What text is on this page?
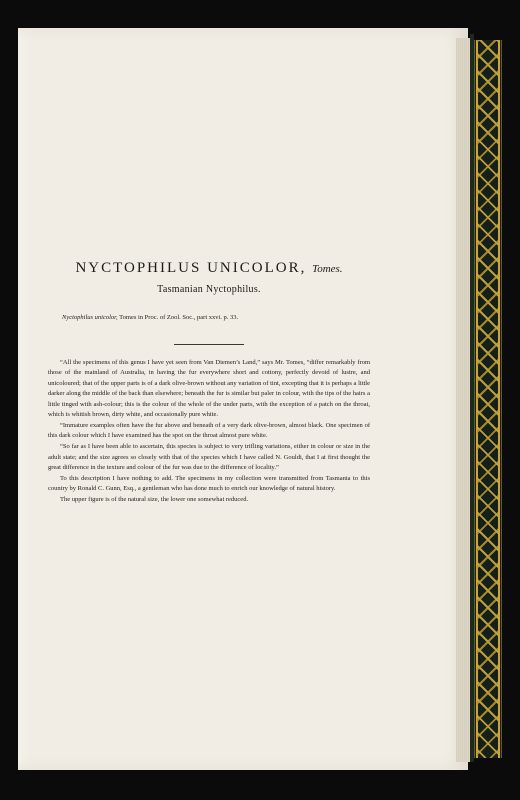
NYCTOPHILUS UNICOLOR, Tomes.
Tasmanian Nyctophilus.
Nyctophilus unicolor, Tomes in Proc. of Zool. Soc., part xxvi. p. 33.

“All the specimens of this genus I have yet seen from Van Diemen’s Land,” says Mr. Tomes, “differ remarkably from those of the mainland of Australia, in having the fur everywhere short and cottony, perfectly devoid of lustre, and unicoloured; that of the upper parts is of a dark olive-brown without any variation of tint, excepting that it is perhaps a little darker along the middle of the back than elsewhere; beneath the fur is similar but paler in colour, with the tips of the hairs a little tinged with ash-colour; this is the colour of the whole of the under parts, with the exception of a patch on the throat, which is whitish brown, dirty white, and occasionally pure white.

“Immature examples often have the fur above and beneath of a very dark olive-brown, almost black. One specimen of this dark colour which I have examined has the spot on the throat almost pure white.

“So far as I have been able to ascertain, this species is subject to very trifling variations, either in colour or size in the adult state; and the size agrees so closely with that of the species which I have called N. Gouldi, that I at first thought the great difference in the texture and colour of the fur was due to the difference of locality.”

To this description I have nothing to add. The specimens in my collection were transmitted from Tasmania to this country by Ronald C. Gunn, Esq., a gentleman who has done much to enrich our knowledge of natural history.

The upper figure is of the natural size, the lower one somewhat reduced.
